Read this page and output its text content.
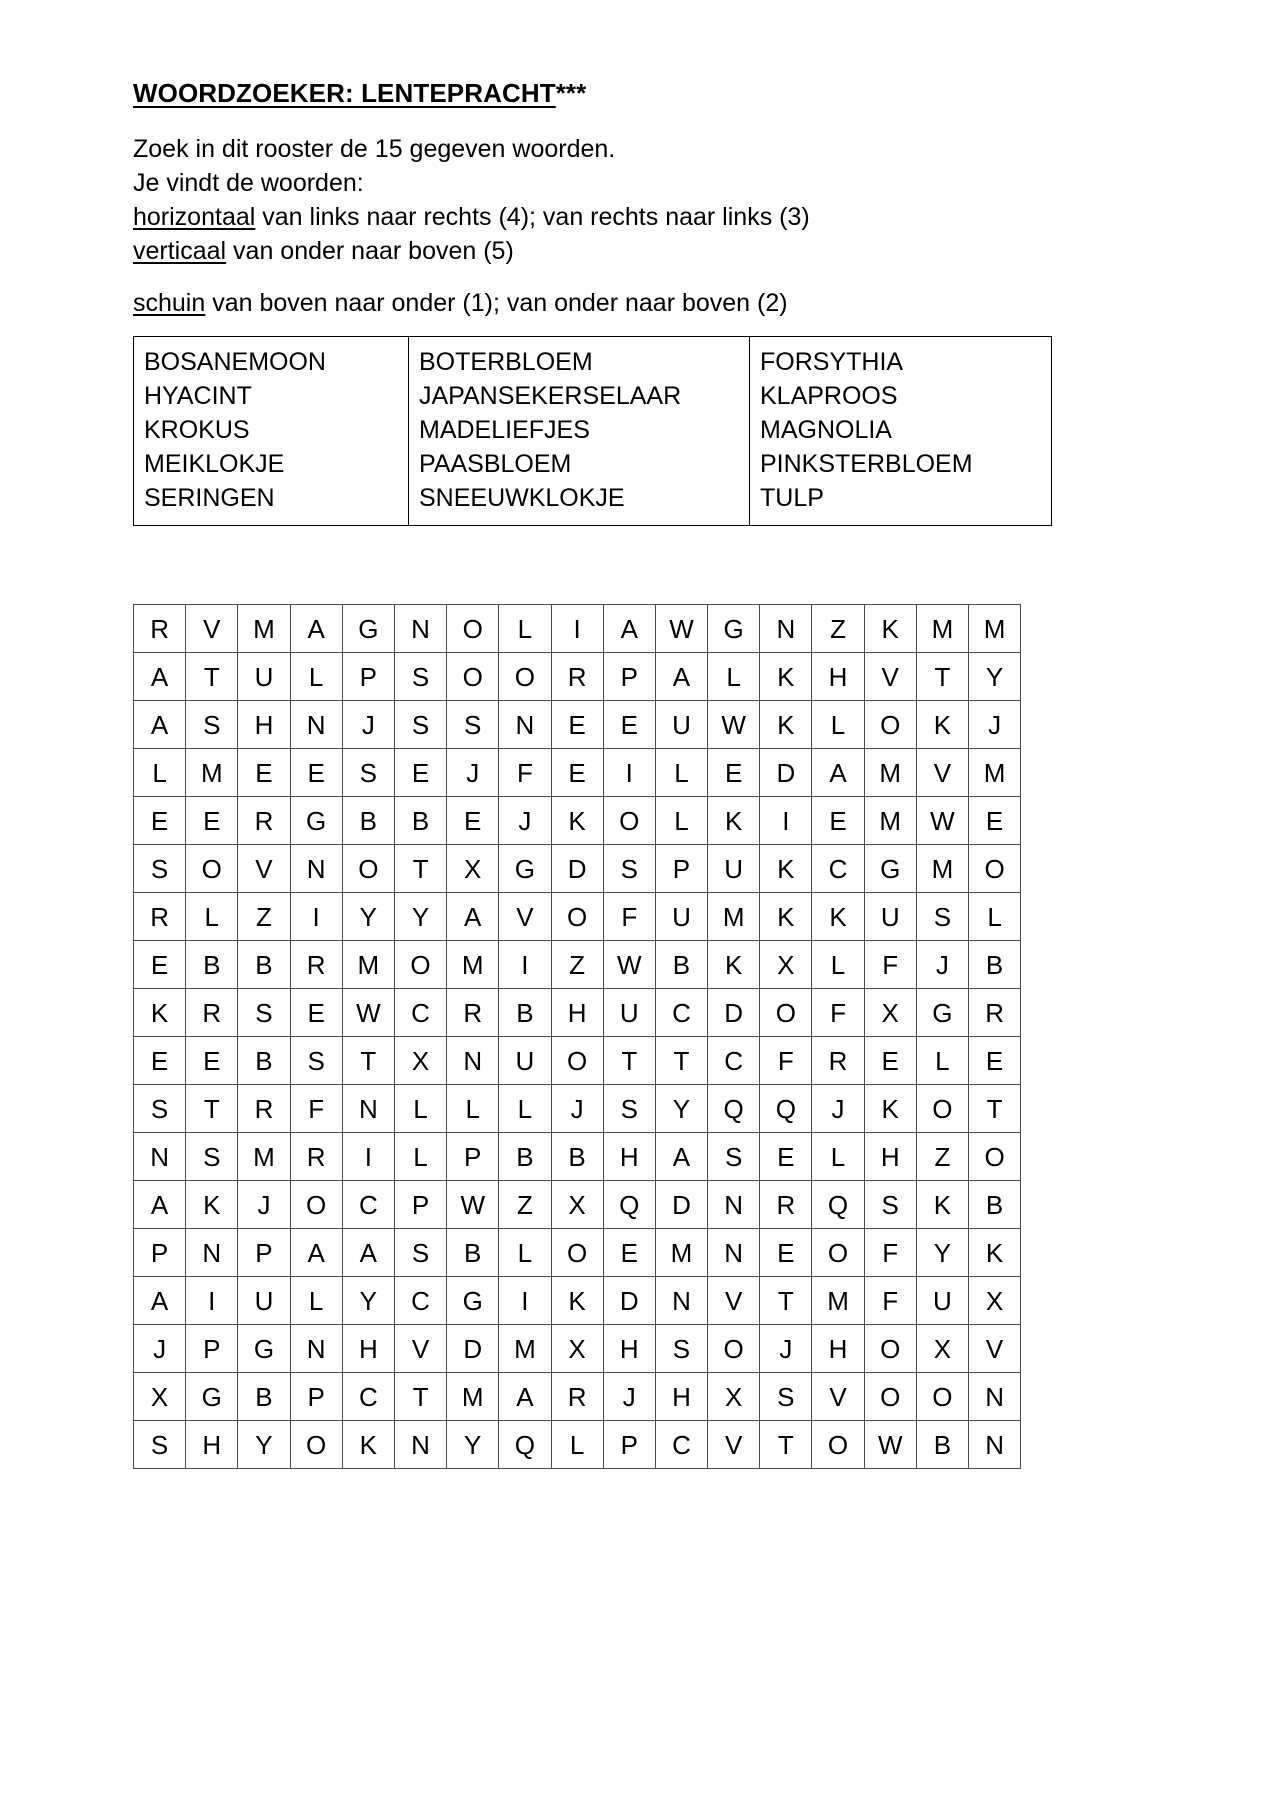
WOORDZOEKER: LENTEPRACHT***
Zoek in dit rooster de 15 gegeven woorden.
Je vindt de woorden:
horizontaal van links naar rechts (4); van rechts naar links (3)
verticaal van onder naar boven (5)
schuin van boven naar onder (1); van onder naar boven (2)
BOSANEMOON
HYACINT
KROKUS
MEIKLOKJE
SERINGEN

BOTERBLOEM
JAPANSEKERSELAAR
MADELIEFJES
PAASBLOEM
SNEEUWKLOKJE

FORSYTHIA
KLAPROOS
MAGNOLIA
PINKSTERBLOEM
TULP
R	V	M	A	G	N	O	L	I	A	W	G	N	Z	K	M	M
A	T	U	L	P	S	O	O	R	P	A	L	K	H	V	T	Y
A	S	H	N	J	S	S	N	E	E	U	W	K	L	O	K	J
L	M	E	E	S	E	J	F	E	I	L	E	D	A	M	V	M
E	E	R	G	B	B	E	J	K	O	L	K	I	E	M	W	E
S	O	V	N	O	T	X	G	D	S	P	U	K	C	G	M	O
R	L	Z	I	Y	Y	A	V	O	F	U	M	K	K	U	S	L
E	B	B	R	M	O	M	I	Z	W	B	K	X	L	F	J	B
K	R	S	E	W	C	R	B	H	U	C	D	O	F	X	G	R
E	E	B	S	T	X	N	U	O	T	T	C	F	R	E	L	E
S	T	R	F	N	L	L	L	J	S	Y	Q	Q	J	K	O	T
N	S	M	R	I	L	P	B	B	H	A	S	E	L	H	Z	O
A	K	J	O	C	P	W	Z	X	Q	D	N	R	Q	S	K	B
P	N	P	A	A	S	B	L	O	E	M	N	E	O	F	Y	K
A	I	U	L	Y	C	G	I	K	D	N	V	T	M	F	U	X
J	P	G	N	H	V	D	M	X	H	S	O	J	H	O	X	V
X	G	B	P	C	T	M	A	R	J	H	X	S	V	O	O	N
S	H	Y	O	K	N	Y	Q	L	P	C	V	T	O	W	B	N
